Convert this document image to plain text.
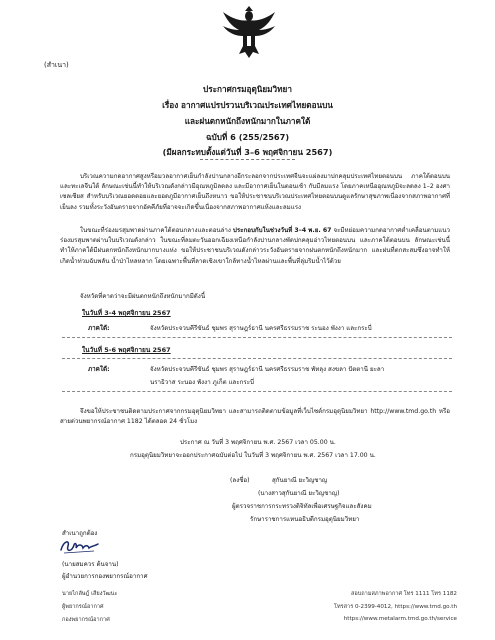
(สำเนา)
ประกาศกรมอุตุนิยมวิทยา
เรื่อง อากาศแปรปรวนบริเวณประเทศไทยตอนบน
และฝนตกหนักถึงหนักมากในภาคใต้
ฉบับที่ 6 (255/2567)
(มีผลกระทบตั้งแต่วันที่ 3–6 พฤศจิกายน 2567)

บริเวณความกดอากาศสูงหรือมวลอากาศเย็นกำลังปานกลางอีกระลอกจากประเทศจีนจะแผ่ลงมาปกคลุมประเทศไทยตอนบน ภาคใต้ตอนบน และทะเลจีนใต้ ลักษณะเช่นนี้ทำให้บริเวณดังกล่าวมีอุณหภูมิลดลง และมีอากาศเย็นในตอนเช้า กับมีลมแรง โดยภาคเหนืออุณหภูมิจะลดลง 1–2 องศาเซลเซียส สำหรับบริเวณยอดดอยและยอดภูมีอากาศเย็นถึงหนาว ขอให้ประชาชนบริเวณประเทศไทยตอนบนดูแลรักษาสุขภาพเนื่องจากสภาพอากาศที่เย็นลง รวมทั้งระวังอันตรายจากอัคคีภัยที่อาจจะเกิดขึ้นเนื่องจากสภาพอากาศแห้งและลมแรง

ในขณะที่ร่องมรสุมพาดผ่านภาคใต้ตอนกลางและตอนล่าง ประกอบกับในช่วงวันที่ 3–4 พ.ย. 67 จะมีหย่อมความกดอากาศต่ำเคลื่อนตามแนวร่องมรสุมพาดผ่านในบริเวณดังกล่าว ในขณะที่ลมตะวันออกเฉียงเหนือกำลังปานกลางพัดปกคลุมอ่าวไทยตอนบน และภาคใต้ตอนบน ลักษณะเช่นนี้ทำให้ภาคใต้มีฝนตกหนักถึงหนักมากบางแห่ง ขอให้ประชาชนบริเวณดังกล่าวระวังอันตรายจากฝนตกหนักถึงหนักมาก และฝนที่ตกสะสมซึ่งอาจทำให้เกิดน้ำท่วมฉับพลัน น้ำป่าไหลหลาก โดยเฉพาะพื้นที่ลาดเชิงเขาใกล้ทางน้ำไหลผ่านและพื้นที่ลุ่มริมน้ำไว้ด้วย

จังหวัดที่คาดว่าจะมีฝนตกหนักถึงหนักมากมีดังนี้
ในวันที่ 3-4 พฤศจิกายน 2567
ภาคใต้:	จังหวัดประจวบคีรีขันธ์ ชุมพร สุราษฎร์ธานี นครศรีธรรมราช ระนอง พังงา และกระบี่
ในวันที่ 5-6 พฤศจิกายน 2567
ภาคใต้:	จังหวัดประจวบคีรีขันธ์ ชุมพร สุราษฎร์ธานี นครศรีธรรมราช พัทลุง สงขลา ปัตตานี ยะลา
นราธิวาส ระนอง พังงา ภูเก็ต และกระบี่

จึงขอให้ประชาชนติดตามประกาศจากกรมอุตุนิยมวิทยา และสามารถติดตามข้อมูลที่เว็บไซต์กรมอุตุนิยมวิทยา http://www.tmd.go.th หรือสายด่วนพยากรณ์อากาศ 1182 ได้ตลอด 24 ชั่วโมง

ประกาศ ณ วันที่ 3 พฤศจิกายน พ.ศ. 2567 เวลา 05.00 น.
กรมอุตุนิยมวิทยาจะออกประกาศฉบับต่อไป ในวันที่ 3 พฤศจิกายน พ.ศ. 2567 เวลา 17.00 น.
(ลงชื่อ)	สุกันยาณี ยะวิญชาญ
(นางสาวสุกันยาณี ยะวิญชาญ)
ผู้ตรวจราชการกระทรวงดิจิทัลเพื่อเศรษฐกิจและสังคม
รักษาราชการแทนอธิบดีกรมอุตุนิยมวิทยา
สำเนาถูกต้อง
(นายสมควร ต้นจาน)
ผู้อำนวยการกองพยากรณ์อากาศ
นายไกลัษฎ์ เสียงวัฒนะ
ผู้พยากรณ์อากาศ
กองพยากรณ์อากาศ
สอบถามสภาพอากาศ โทร 1111 โทร 1182
โทรสาร 0-2399-4012, https://www.tmd.go.th
https://www.metalarm.tmd.go.th/service
